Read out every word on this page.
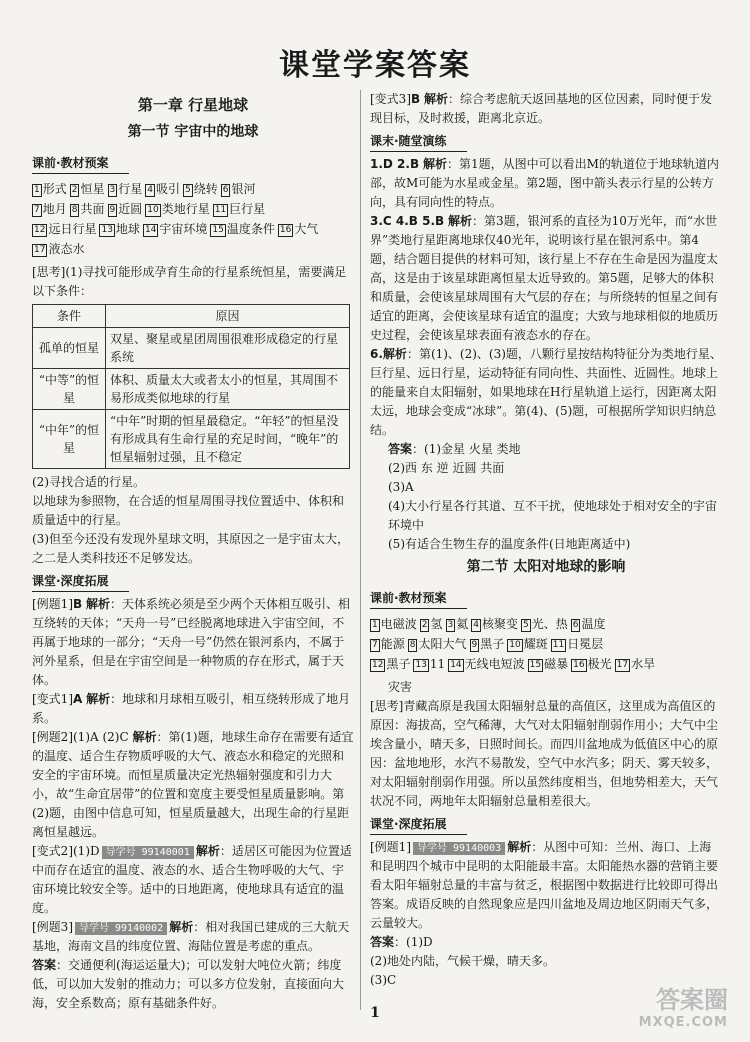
课堂学案答案
第一章 行星地球
第一节 宇宙中的地球
课前·教材预案
1 形式 2 恒星 3 行星 4 吸引 5 绕转 6 银河
7 地月 8 共面 9 近圆 10 类地行星 11 巨行星
12 远日行星 13 地球 14 宇宙环境 15 温度条件 16 大气
17 液态水

[思考](1)寻找可能形成孕育生命的行星系统恒星，需要满足以下条件：

条件	原因
孤单的恒星	双星、聚星或星团周围很难形成稳定的行星系统
“中等”的恒星	体积、质量太大或者太小的恒星，其周围不易形成类似地球的行星
“中年”的恒星	“中年”时期的恒星最稳定。“年轻”的恒星没有形成具有生命行星的充足时间，“晚年”的恒星辐射过强，且不稳定

(2)寻找合适的行星。

以地球为参照物，在合适的恒星周围寻找位置适中、体积和质量适中的行星。

(3)但至今还没有发现外星球文明，其原因之一是宇宙太大，之二是人类科技还不足够发达。

课堂·深度拓展

[例题1]B 解析：天体系统必须是至少两个天体相互吸引、相互绕转的天体；“天舟一号”已经脱离地球进入宇宙空间，不再属于地球的一部分；“天舟一号”仍然在银河系内，不属于河外星系，但是在宇宙空间是一种物质的存在形式，属于天体。

[变式1]A 解析：地球和月球相互吸引，相互绕转形成了地月系。

[例题2](1)A (2)C 解析：第(1)题，地球生命存在需要有适宜的温度、适合生存物质呼吸的大气、液态水和稳定的光照和安全的宇宙环境。而恒星质量决定光热辐射强度和引力大小，故“生命宜居带”的位置和宽度主要受恒星质量影响。第(2)题，由图中信息可知，恒星质量越大，出现生命的行星距离恒星越远。

[变式2](1)D 导学号 99140001 解析：适居区可能因为位置适中而存在适宜的温度、液态的水、适合生物呼吸的大气、宇宙环境比较安全等。适中的日地距离，使地球具有适宜的温度。

[例题3] 导学号 99140002 解析：相对我国已建成的三大航天基地，海南文昌的纬度位置、海陆位置是考虑的重点。

答案：交通便利(海运运量大)；可以发射大吨位火箭；纬度低，可以加大发射的推动力；可以多方位发射，直接面向大海，安全系数高；原有基础条件好。

[变式3]B 解析：综合考虑航天返回基地的区位因素，同时便于发现目标，及时救援，距离北京近。

课末·随堂演练

1.D 2.B 解析：第1题，从图中可以看出M的轨道位于地球轨道内部，故M可能为水星或金星。第2题，图中箭头表示行星的公转方向，具有同向性的特点。

3.C 4.B 5.B 解析：第3题，银河系的直径为10万光年，而“水世界”类地行星距离地球仅40光年，说明该行星在银河系中。第4题，结合题目提供的材料可知，该行星上不存在生命是因为温度太高，这是由于该星球距离恒星太近导致的。第5题，足够大的体积和质量，会使该星球周围有大气层的存在；与所绕转的恒星之间有适宜的距离，会使该星球有适宜的温度；大致与地球相似的地质历史过程，会使该星球表面有液态水的存在。

6.解析：第(1)、(2)、(3)题，八颗行星按结构特征分为类地行星、巨行星、远日行星，运动特征有同向性、共面性、近圆性。地球上的能量来自太阳辐射，如果地球在H行星轨道上运行，因距离太阳太远，地球会变成“冰球”。第(4)、(5)题，可根据所学知识归纳总结。

答案：(1)金星 火星 类地

(2)西 东 逆 近圆 共面

(3)A

(4)大小行星各行其道、互不干扰，使地球处于相对安全的宇宙环境中

(5)有适合生物生存的温度条件(日地距离适中)

第二节 太阳对地球的影响
课前·教材预案
1 电磁波 2 氢 3 氦 4 核聚变 5 光、热 6 温度
7 能源 8 太阳大气 9 黑子 10 耀斑 11 日冕层
12 黑子 13 11 14 无线电短波 15 磁暴 16 极光 17 水旱

灾害

[思考]青藏高原是我国太阳辐射总量的高值区，这里成为高值区的原因：海拔高，空气稀薄，大气对太阳辐射削弱作用小；大气中尘埃含量小，晴天多，日照时间长。而四川盆地成为低值区中心的原因：盆地地形，水汽不易散发，空气中水汽多；阴天、雾天较多，对太阳辐射削弱作用强。所以虽然纬度相当，但地势相差大，天气状况不同，两地年太阳辐射总量相差很大。

课堂·深度拓展

[例题1] 导学号 99140003 解析：从图中可知：兰州、海口、上海和昆明四个城市中昆明的太阳能最丰富。太阳能热水器的营销主要看太阳年辐射总量的丰富与贫乏，根据图中数据进行比较即可得出答案。成语反映的自然现象应是四川盆地及周边地区阴雨天气多，云量较大。

答案：(1)D

(2)地处内陆，气候干燥，晴天多。

(3)C

1	答案圈
MXQE.COM
